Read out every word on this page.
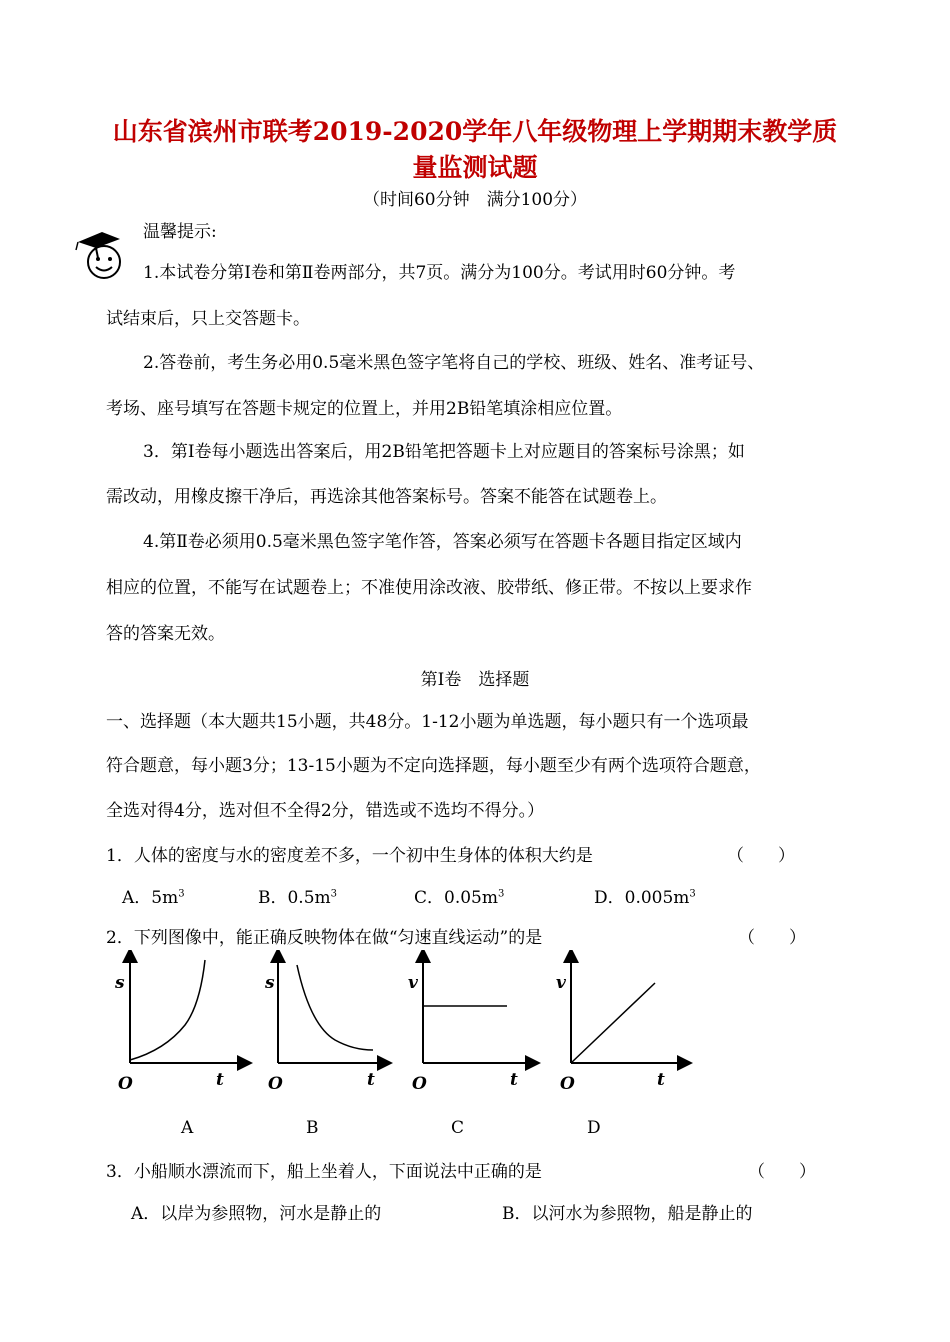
山东省滨州市联考2019-2020学年八年级物理上学期期末教学质
量监测试题
（时间60分钟　满分100分）
温馨提示:
1.本试卷分第Ⅰ卷和第Ⅱ卷两部分，共7页。满分为100分。考试用时60分钟。考
试结束后，只上交答题卡。
2.答卷前，考生务必用0.5毫米黑色签字笔将自己的学校、班级、姓名、准考证号、
考场、座号填写在答题卡规定的位置上，并用2B铅笔填涂相应位置。
3．第Ⅰ卷每小题选出答案后，用2B铅笔把答题卡上对应题目的答案标号涂黑；如
需改动，用橡皮擦干净后，再选涂其他答案标号。答案不能答在试题卷上。
4.第Ⅱ卷必须用0.5毫米黑色签字笔作答，答案必须写在答题卡各题目指定区域内
相应的位置，不能写在试题卷上；不准使用涂改液、胶带纸、修正带。不按以上要求作
答的答案无效。
第Ⅰ卷　选择题
一、选择题（本大题共15小题，共48分。1-12小题为单选题，每小题只有一个选项最
符合题意，每小题3分；13-15小题为不定向选择题，每小题至少有两个选项符合题意，
全选对得4分，选对但不全得2分，错选或不选均不得分。）
1．人体的密度与水的密度差不多，一个初中生身体的体积大约是	（　　）
A．$5m^3$	B．$0.5m^3$	C．$0.05m^3$	D．$0.005m^3$
2．下列图像中，能正确反映物体在做“匀速直线运动”的是	（　　）
s
t
O
s
t
O
v
t
O
v
t
O
A	B	C	D
3．小船顺水漂流而下，船上坐着人，下面说法中正确的是	（　　）
A．以岸为参照物，河水是静止的	B．以河水为参照物，船是静止的
